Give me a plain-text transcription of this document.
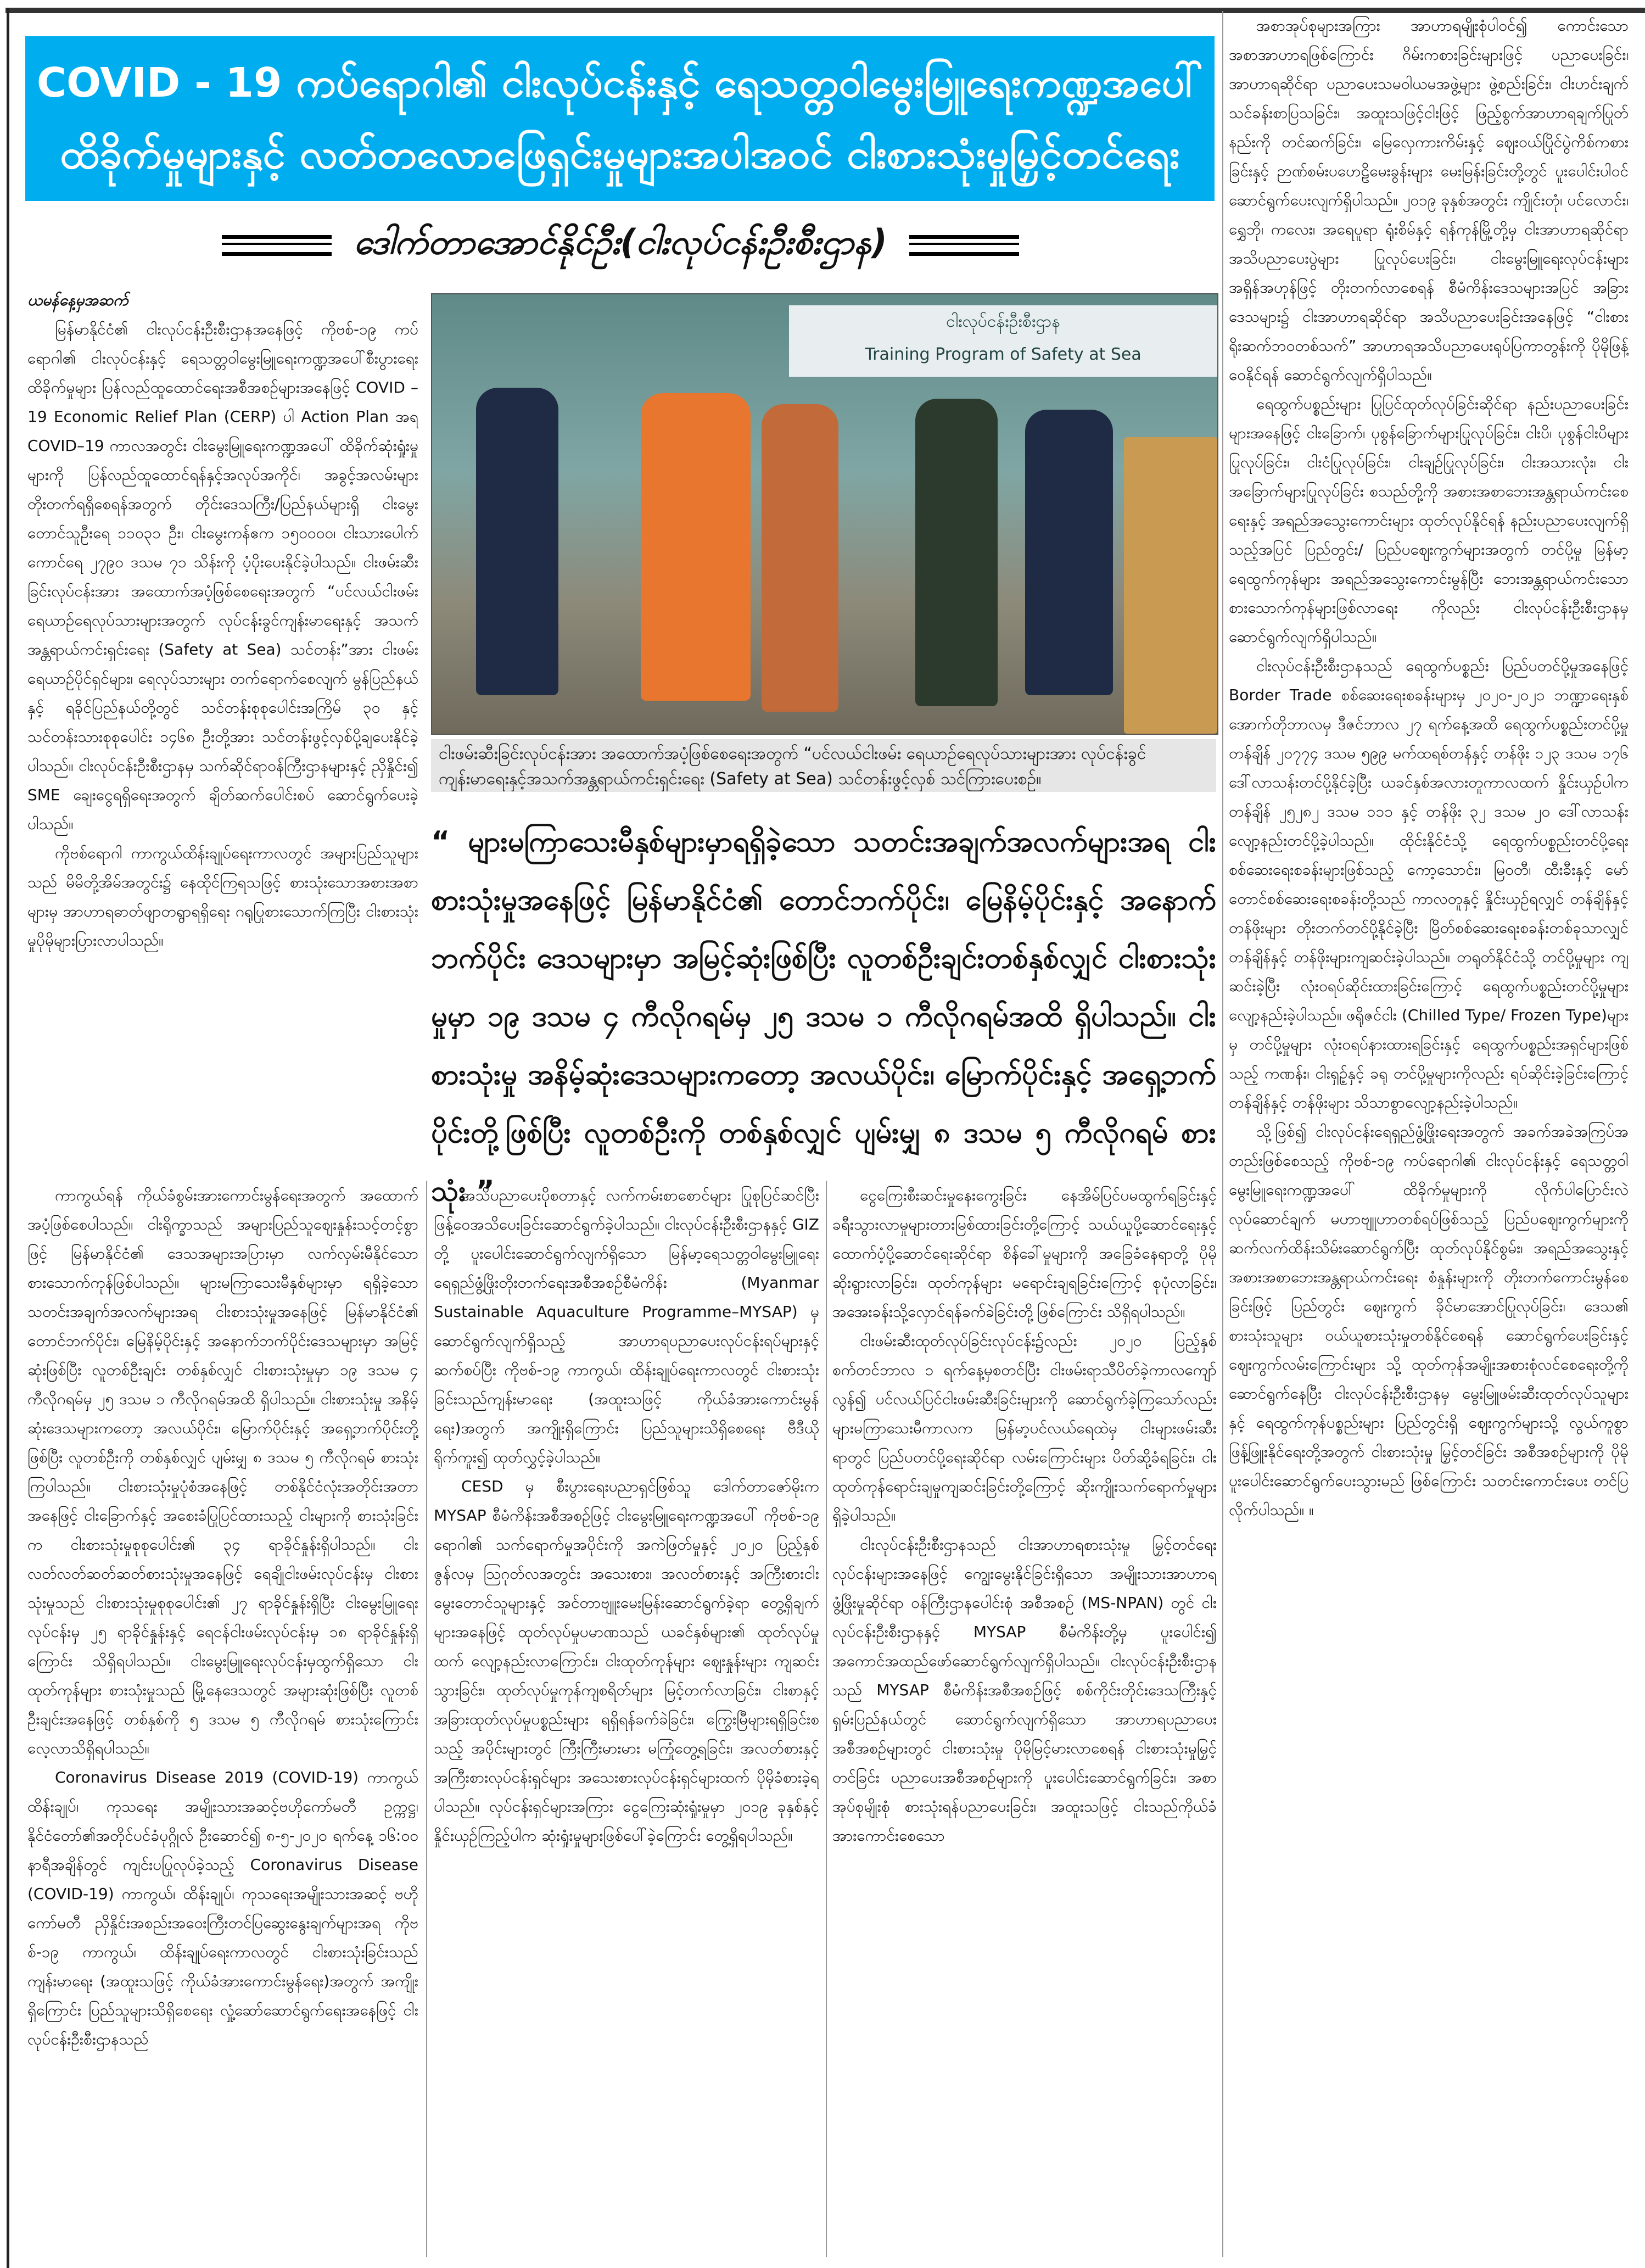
COVID - 19 ကပ်ရောဂါ၏ ငါးလုပ်ငန်းနှင့် ရေသတ္တဝါမွေးမြူရေးကဏ္ဍအပေါ်
ထိခိုက်မှုများနှင့် လတ်တလောဖြေရှင်းမှုများအပါအဝင် ငါးစားသုံးမှုမြှင့်တင်ရေး
ဒေါက်တာအောင်နိုင်ဦး(ငါးလုပ်ငန်းဦးစီးဌာန)

ယမန်နေ့မှအဆက်

မြန်မာနိုင်ငံ၏ ငါးလုပ်ငန်းဦးစီးဌာနအနေဖြင့် ကိုဗစ်-၁၉ ကပ်ရောဂါ၏ ငါးလုပ်ငန်းနှင့် ရေသတ္တဝါမွေးမြူရေးကဏ္ဍအပေါ်စီးပွားရေးထိခိုက်မှုများ ပြန်လည်ထူထောင်ရေးအစီအစဉ်များအနေဖြင့် COVID –19 Economic Relief Plan (CERP) ပါ Action Plan အရ COVID–19 ကာလအတွင်း ငါးမွေးမြူရေးကဏ္ဍအပေါ် ထိခိုက်ဆုံးရှုံးမှုများကို ပြန်လည်ထူထောင်ရန်နှင့်အလုပ်အကိုင်၊ အခွင့်အလမ်းများ တိုးတက်ရရှိစေရန်အတွက် တိုင်းဒေသကြီး/ပြည်နယ်များရှိ ငါးမွေးတောင်သူဦးရေ ၁၁၀၃၁ ဦး၊ ငါးမွေးကန်ဧက ၁၅၀၀၀၀၊ ငါးသားပေါက်ကောင်ရေ ၂၇၉၀ ဒသမ ၇၁ သိန်းကို ပံ့ပိုးပေးနိုင်ခဲ့ပါသည်။ ငါးဖမ်းဆီးခြင်းလုပ်ငန်းအား အထောက်အပံ့ဖြစ်စေရေးအတွက် “ပင်လယ်ငါးဖမ်းရေယာဉ်ရေလုပ်သားများအတွက် လုပ်ငန်းခွင်ကျန်းမာရေးနှင့် အသက်အန္တရာယ်ကင်းရှင်းရေး (Safety at Sea) သင်တန်း”အား ငါးဖမ်းရေယာဉ်ပိုင်ရှင်များ၊ ရေလုပ်သားများ တက်ရောက်စေလျက် မွန်ပြည်နယ်နှင့် ရခိုင်ပြည်နယ်တို့တွင် သင်တန်းစုစုပေါင်းအကြိမ် ၃၀ နှင့် သင်တန်းသားစုစုပေါင်း ၁၄၆၈ ဦးတို့အား သင်တန်းဖွင့်လှစ်ပို့ချပေးနိုင်ခဲ့ပါသည်။ ငါးလုပ်ငန်းဦးစီးဌာနမှ သက်ဆိုင်ရာဝန်ကြီးဌာနများနှင့် ညှိနှိုင်း၍ SME ချေးငွေရရှိရေးအတွက် ချိတ်ဆက်ပေါင်းစပ် ဆောင်ရွက်ပေးခဲ့ပါသည်။

ကိုဗစ်ရောဂါ ကာကွယ်ထိန်းချုပ်ရေးကာလတွင် အများပြည်သူများသည် မိမိတို့အိမ်အတွင်း၌ နေထိုင်ကြရသဖြင့် စားသုံးသောအစားအစာများမှ အာဟာရဓာတ်ဖျာတရွာရရှိရေး ဂရုပြုစားသောက်ကြပြီး ငါးစားသုံးမှုပိုမိုများပြားလာပါသည်။

ငါးလုပ်ငန်းဦးစီးဌာန
Training Program of Safety at Sea
ငါးဖမ်းဆီးခြင်းလုပ်ငန်းအား အထောက်အပံ့ဖြစ်စေရေးအတွက် “ပင်လယ်ငါးဖမ်း ရေယာဉ်ရေလုပ်သားများအား လုပ်ငန်းခွင်ကျန်းမာရေးနှင့်အသက်အန္တရာယ်ကင်းရှင်းရေး (Safety at Sea) သင်တန်းဖွင့်လှစ် သင်ကြားပေးစဉ်။
“ များမကြာသေးမီနှစ်များမှာရရှိခဲ့သော သတင်းအချက်အလက်များအရ ငါးစားသုံးမှုအနေဖြင့် မြန်မာနိုင်ငံ၏ တောင်ဘက်ပိုင်း၊ မြေနိမ့်ပိုင်းနှင့် အနောက်ဘက်ပိုင်း ဒေသများမှာ အမြင့်ဆုံးဖြစ်ပြီး လူတစ်ဦးချင်းတစ်နှစ်လျှင် ငါးစားသုံးမှုမှာ ၁၉ ဒသမ ၄ ကီလိုဂရမ်မှ ၂၅ ဒသမ ၁ ကီလိုဂရမ်အထိ ရှိပါသည်။ ငါးစားသုံးမှု အနိမ့်ဆုံးဒေသများကတော့ အလယ်ပိုင်း၊ မြောက်ပိုင်းနှင့် အရှေ့ဘက်ပိုင်းတို့ဖြစ်ပြီး လူတစ်ဦးကို တစ်နှစ်လျှင် ပျမ်းမျှ ၈ ဒသမ ၅ ကီလိုဂရမ် စားသုံး ”

ကာကွယ်ရန် ကိုယ်ခံစွမ်းအားကောင်းမွန်ရေးအတွက် အထောက်အပံ့ဖြစ်စေပါသည်။ ငါးရိုက္ခာသည် အများပြည်သူစျေးနှုန်းသင့်တင့်စွာဖြင့် မြန်မာနိုင်ငံ၏ ဒေသအများအပြားမှာ လက်လှမ်းမီနိုင်သော စားသောက်ကုန်ဖြစ်ပါသည်။ များမကြာသေးမီနှစ်များမှာ ရရှိခဲ့သော သတင်းအချက်အလက်များအရ ငါးစားသုံးမှုအနေဖြင့် မြန်မာနိုင်ငံ၏ တောင်ဘက်ပိုင်း၊ မြေနိမ့်ပိုင်းနှင့် အနောက်ဘက်ပိုင်းဒေသများမှာ အမြင့်ဆုံးဖြစ်ပြီး လူတစ်ဦးချင်း တစ်နှစ်လျှင် ငါးစားသုံးမှုမှာ ၁၉ ဒသမ ၄ ကီလိုဂရမ်မှ ၂၅ ဒသမ ၁ ကီလိုဂရမ်အထိ ရှိပါသည်။ ငါးစားသုံးမှု အနိမ့်ဆုံးဒေသများကတော့ အလယ်ပိုင်း၊ မြောက်ပိုင်းနှင့် အရှေ့ဘက်ပိုင်းတို့ဖြစ်ပြီး လူတစ်ဦးကို တစ်နှစ်လျှင် ပျမ်းမျှ ၈ ဒသမ ၅ ကီလိုဂရမ် စားသုံးကြပါသည်။ ငါးစားသုံးမှုပုံစံအနေဖြင့် တစ်နိုင်ငံလုံးအတိုင်းအတာအနေဖြင့် ငါးခြောက်နှင့် အစေးခံပြုပြင်ထားသည့် ငါးများကို စားသုံးခြင်းက ငါးစားသုံးမှုစုစုပေါင်း၏ ၃၄ ရာခိုင်နှုန်းရှိပါသည်။ ငါးလတ်လတ်ဆတ်ဆတ်စားသုံးမှုအနေဖြင့် ရေချိုငါးဖမ်းလုပ်ငန်းမှ ငါးစားသုံးမှုသည် ငါးစားသုံးမှုစုစုပေါင်း၏ ၂၇ ရာခိုင်နှုန်းရှိပြီး ငါးမွေးမြူရေးလုပ်ငန်းမှ ၂၅ ရာခိုင်နှုန်းနှင့် ရေငန်ငါးဖမ်းလုပ်ငန်းမှ ၁၈ ရာခိုင်နှုန်းရှိကြောင်း သိရှိရပါသည်။ ငါးမွေးမြူရေးလုပ်ငန်းမှထွက်ရှိသော ငါးထုတ်ကုန်များ စားသုံးမှုသည် မြို့နေဒေသတွင် အများဆုံးဖြစ်ပြီး လူတစ်ဦးချင်းအနေဖြင့် တစ်နှစ်ကို ၅ ဒသမ ၅ ကီလိုဂရမ် စားသုံးကြောင်း လေ့လာသိရှိရပါသည်။

Coronavirus Disease 2019 (COVID-19) ကာကွယ်ထိန်းချုပ်၊ ကုသရေး အမျိုးသားအဆင့်ဗဟိုကော်မတီ ဥက္ကဋ္ဌ၊ နိုင်ငံတော်၏အတိုင်ပင်ခံပုဂ္ဂိုလ် ဦးဆောင်၍ ၈-၅-၂၀၂၀ ရက်နေ့ ၁၆:၀၀ နာရီအချိန်တွင် ကျင်းပပြုလုပ်ခဲ့သည့် Coronavirus Disease (COVID-19) ကာကွယ်၊ ထိန်းချုပ်၊ ကုသရေးအမျိုးသားအဆင့် ဗဟိုကော်မတီ ညှိနှိုင်းအစည်းအဝေးကြီးတင်ပြဆွေးနွေးချက်များအရ ကိုဗစ်-၁၉ ကာကွယ်၊ ထိန်းချုပ်ရေးကာလတွင် ငါးစားသုံးခြင်းသည် ကျန်းမာရေး (အထူးသဖြင့် ကိုယ်ခံအားကောင်းမွန်ရေး)အတွက် အကျိုးရှိကြောင်း ပြည်သူများသိရှိစေရေး လှုံ့ဆော်ဆောင်ရွက်ရေးအနေဖြင့် ငါးလုပ်ငန်းဦးစီးဌာနသည်

အသိပညာပေးပိုစတာနှင့် လက်ကမ်းစာစောင်များ ပြုစုပြင်ဆင်ပြီး ဖြန့်ဝေအသိပေးခြင်းဆောင်ရွက်ခဲ့ပါသည်။ ငါးလုပ်ငန်းဦးစီးဌာနနှင့် GIZ တို့ ပူးပေါင်းဆောင်ရွက်လျက်ရှိသော မြန်မာ့ရေသတ္တဝါမွေးမြူရေး ရေရှည်ဖွံ့ဖြိုးတိုးတက်ရေးအစီအစဉ်စီမံကိန်း (Myanmar Sustainable Aquaculture Programme–MYSAP) မှ ဆောင်ရွက်လျက်ရှိသည့် အာဟာရပညာပေးလုပ်ငန်းရပ်များနှင့် ဆက်စပ်ပြီး ကိုဗစ်-၁၉ ကာကွယ်၊ ထိန်းချုပ်ရေးကာလတွင် ငါးစားသုံးခြင်းသည်ကျန်းမာရေး (အထူးသဖြင့် ကိုယ်ခံအားကောင်းမွန်ရေး)အတွက် အကျိုးရှိကြောင်း ပြည်သူများသိရှိစေရေး ဗီဒီယိုရိုက်ကူး၍ ထုတ်လွှင့်ခဲ့ပါသည်။

CESD မှ စီးပွားရေးပညာရှင်ဖြစ်သူ ဒေါက်တာဇော်မိုးက MYSAP စီမံကိန်းအစီအစဉ်ဖြင့် ငါးမွေးမြူရေးကဏ္ဍအပေါ် ကိုဗစ်-၁၉ ရောဂါ၏ သက်ရောက်မှုအပိုင်းကို အကဲဖြတ်မှုနှင့် ၂၀၂၀ ပြည့်နှစ် ဇွန်လမှ ဩဂုတ်လအတွင်း အသေးစား၊ အလတ်စားနှင့် အကြီးစားငါးမွေးတောင်သူများနှင့် အင်တာဗျူးမေးမြန်းဆောင်ရွက်ခဲ့ရာ တွေ့ရှိချက်များအနေဖြင့် ထုတ်လုပ်မှုပမာဏသည် ယခင်နှစ်များ၏ ထုတ်လုပ်မှုထက် လျော့နည်းလာကြောင်း၊ ငါးထုတ်ကုန်များ ဈေးနှုန်းများ ကျဆင်းသွားခြင်း၊ ထုတ်လုပ်မှုကုန်ကျစရိတ်များ မြင့်တက်လာခြင်း၊ ငါးစာနှင့်အခြားထုတ်လုပ်မှုပစ္စည်းများ ရရှိရန်ခက်ခဲခြင်း၊ ကြွေးမြီများရရှိခြင်းစသည့် အပိုင်းများတွင် ကြီးကြီးမားမား မကြုံတွေ့ရခြင်း၊ အလတ်စားနှင့်အကြီးစားလုပ်ငန်းရှင်များ အသေးစားလုပ်ငန်းရှင်များထက် ပိုမိုခံစားခဲ့ရပါသည်။ လုပ်ငန်းရှင်များအကြား ငွေကြေးဆုံးရှုံးမှုမှာ ၂၀၁၉ ခုနှစ်နှင့် နှိုင်းယှဉ်ကြည့်ပါက ဆုံးရှုံးမှုများဖြစ်ပေါ်ခဲ့ကြောင်း တွေ့ရှိရပါသည်။

ငွေကြေးစီးဆင်းမှုနေးကွေးခြင်း နေအိမ်ပြင်ပမထွက်ရခြင်းနှင့် ခရီးသွားလာမှုများတားမြစ်ထားခြင်းတို့ကြောင့် သယ်ယူပို့ဆောင်ရေးနှင့် ထောက်ပံ့ပို့ဆောင်ရေးဆိုင်ရာ စိန်ခေါ်မှုများကို အခြေခံနေရာတို့ ပိုမိုဆိုးရွားလာခြင်း၊ ထုတ်ကုန်များ မရောင်းချရခြင်းကြောင့် စုပုံလာခြင်း၊ အအေးခန်းသို့လှောင်ရန်ခက်ခဲခြင်းတို့ဖြစ်ကြောင်း သိရှိရပါသည်။

ငါးဖမ်းဆီးထုတ်လုပ်ခြင်းလုပ်ငန်း၌လည်း ၂၀၂၀ ပြည့်နှစ် စက်တင်ဘာလ ၁ ရက်နေ့မှစတင်ပြီး ငါးဖမ်းရာသီပိတ်ခဲ့ကာလကျော်လွန်၍ ပင်လယ်ပြင်ငါးဖမ်းဆီးခြင်းများကို ဆောင်ရွက်ခဲ့ကြသော်လည်း များမကြာသေးမီကာလက မြန်မာ့ပင်လယ်ရေထဲမှ ငါးများဖမ်းဆီးရာတွင် ပြည်ပတင်ပို့ရေးဆိုင်ရာ လမ်းကြောင်းများ ပိတ်ဆို့ခံရခြင်း၊ ငါးထုတ်ကုန်ရောင်းချမှုကျဆင်းခြင်းတို့ကြောင့် ဆိုးကျိုးသက်ရောက်မှုများ ရှိခဲ့ပါသည်။

ငါးလုပ်ငန်းဦးစီးဌာနသည် ငါးအာဟာရစားသုံးမှု မြှင့်တင်ရေးလုပ်ငန်းများအနေဖြင့် ကျွေးမွေးနိုင်ခြင်းရှိသော အမျိုးသားအာဟာရဖွံ့ဖြိုးမှုဆိုင်ရာ ဝန်ကြီးဌာနပေါင်းစုံ အစီအစဉ် (MS-NPAN) တွင် ငါးလုပ်ငန်းဦးစီးဌာနနှင့် MYSAP စီမံကိန်းတို့မှ ပူးပေါင်း၍ အကောင်အထည်ဖော်ဆောင်ရွက်လျက်ရှိပါသည်။ ငါးလုပ်ငန်းဦးစီးဌာနသည် MYSAP စီမံကိန်းအစီအစဉ်ဖြင့် စစ်ကိုင်းတိုင်းဒေသကြီးနှင့် ရှမ်းပြည်နယ်တွင် ဆောင်ရွက်လျက်ရှိသော အာဟာရပညာပေးအစီအစဉ်များတွင် ငါးစားသုံးမှု ပိုမိုမြင့်မားလာစေရန် ငါးစားသုံးမှုမြှင့်တင်ခြင်း ပညာပေးအစီအစဉ်များကို ပူးပေါင်းဆောင်ရွက်ခြင်း၊ အစာအုပ်စုမျိုးစုံ စားသုံးရန်ပညာပေးခြင်း၊ အထူးသဖြင့် ငါးသည်ကိုယ်ခံအားကောင်းစေသော

အစာအုပ်စုများအကြား အာဟာရမျိုးစုံပါဝင်၍ ကောင်းသောအစာအာဟာရဖြစ်ကြောင်း ဂိမ်းကစားခြင်းများဖြင့် ပညာပေးခြင်း၊ အာဟာရဆိုင်ရာ ပညာပေးသမဝါယမအဖွဲ့များ ဖွဲ့စည်းခြင်း၊ ငါးဟင်းချက်သင်ခန်းစာပြသခြင်း၊ အထူးသဖြင့်ငါးဖြင့် ဖြည့်စွက်အာဟာရချက်ပြုတ်နည်းကို တင်ဆက်ခြင်း၊ မြေလှေကားကိမ်းနှင့် ဈေးဝယ်ပြိုင်ပွဲကိစ်ကစားခြင်းနှင့် ဉာဏ်စမ်းပဟေဠိမေးခွန်းများ မေးမြန်းခြင်းတို့တွင် ပူးပေါင်းပါဝင် ဆောင်ရွက်ပေးလျက်ရှိပါသည်။ ၂၀၁၉ ခုနှစ်အတွင်း ကျိုင်းတုံ၊ ပင်လောင်း၊ ရွှေဘို၊ ကလေး၊ အရေပူရာ ရုံးစိမ်နှင့် ရန်ကုန်မြို့တို့မှ ငါးအာဟာရဆိုင်ရာ အသိပညာပေးပွဲများ ပြုလုပ်ပေးခြင်း၊ ငါးမွေးမြူရေးလုပ်ငန်းများ အရှိန်အဟုန်ဖြင့် တိုးတက်လာစေရန် စီမံကိန်းဒေသများအပြင် အခြားဒေသများ၌ ငါးအာဟာရဆိုင်ရာ အသိပညာပေးခြင်းအနေဖြင့် “ငါးစားရိုးဆက်ဘဝတစ်သက်” အာဟာရအသိပညာပေးရုပ်ပြကာတွန်းကို ပိုမိုဖြန့်ဝေနိုင်ရန် ဆောင်ရွက်လျက်ရှိပါသည်။

ရေထွက်ပစ္စည်းများ ပြုပြင်ထုတ်လုပ်ခြင်းဆိုင်ရာ နည်းပညာပေးခြင်းများအနေဖြင့် ငါးခြောက်၊ ပုစွန်ခြောက်များပြုလုပ်ခြင်း၊ ငါးပိ၊ ပုစွန်ငါးပိများပြုလုပ်ခြင်း၊ ငါးငံပြုလုပ်ခြင်း၊ ငါးချဉ်ပြုလုပ်ခြင်း၊ ငါးအသားလုံး၊ ငါးအခြောက်များပြုလုပ်ခြင်း စသည်တို့ကို အစားအစာဘေးအန္တရာယ်ကင်းစေရေးနှင့် အရည်အသွေးကောင်းများ ထုတ်လုပ်နိုင်ရန် နည်းပညာပေးလျက်ရှိသည့်အပြင် ပြည်တွင်း/ ပြည်ပဈေးကွက်များအတွက် တင်ပို့မှု မြန်မာ့ရေထွက်ကုန်များ အရည်အသွေးကောင်းမွန်ပြီး ဘေးအန္တရာယ်ကင်းသော စားသောက်ကုန်များဖြစ်လာရေး ကိုလည်း ငါးလုပ်ငန်းဦးစီးဌာနမှ ဆောင်ရွက်လျက်ရှိပါသည်။

ငါးလုပ်ငန်းဦးစီးဌာနသည် ရေထွက်ပစ္စည်း ပြည်ပတင်ပို့မှုအနေဖြင့် Border Trade စစ်ဆေးရေးစခန်းများမှ ၂၀၂၀-၂၀၂၁ ဘဏ္ဍာရေးနှစ် အောက်တိုဘာလမှ ဒီဇင်ဘာလ ၂၇ ရက်နေ့အထိ ရေထွက်ပစ္စည်းတင်ပို့မှု တန်ချိန် ၂၀၇၇၄ ဒသမ ၅၉၉ မက်ထရစ်တန်နှင့် တန်ဖိုး ၁၂၃ ဒသမ ၁၇၆ ဒေါ်လာသန်းတင်ပို့နိုင်ခဲ့ပြီး ယခင်နှစ်အလားတူကာလထက် နှိုင်းယှဉ်ပါက တန်ချိန် ၂၅၂၈၂ ဒသမ ၁၁၁ နှင့် တန်ဖိုး ၃၂ ဒသမ ၂၀ ဒေါ်လာသန်း လျော့နည်းတင်ပို့ခဲ့ပါသည်။ ထိုင်းနိုင်ငံသို့ ရေထွက်ပစ္စည်းတင်ပို့ရေး စစ်ဆေးရေးစခန်းများဖြစ်သည့် ကော့သောင်း၊ မြဝတီ၊ ထီးခီးနှင့် မော်တောင်စစ်ဆေးရေးစခန်းတို့သည် ကာလတူနှင့် နှိုင်းယှဉ်ရလျှင် တန်ချိန်နှင့်တန်ဖိုးများ တိုးတက်တင်ပို့နိုင်ခဲ့ပြီး မြိတ်စစ်ဆေးရေးစခန်းတစ်ခုသာလျှင် တန်ချိန်နှင့် တန်ဖိုးများကျဆင်းခဲ့ပါသည်။ တရုတ်နိုင်ငံသို့ တင်ပို့မှုများ ကျဆင်းခဲ့ပြီး လုံးဝရပ်ဆိုင်းထားခြင်းကြောင့် ရေထွက်ပစ္စည်းတင်ပို့မှုများ လျော့နည်းခဲ့ပါသည်။ ဖရိုဇင်ငါး (Chilled Type/ Frozen Type)များမှ တင်ပို့မှုများ လုံးဝရပ်နားထားရခြင်းနှင့် ရေထွက်ပစ္စည်းအရှင်များဖြစ်သည့် ကဏန်း၊ ငါးရှဉ့်နှင့် ခရု တင်ပို့မှုများကိုလည်း ရပ်ဆိုင်းခဲ့ခြင်းကြောင့် တန်ချိန်နှင့် တန်ဖိုးများ သိသာစွာလျော့နည်းခဲ့ပါသည်။

သို့ဖြစ်၍ ငါးလုပ်ငန်းရေရှည်ဖွံ့ဖြိုးရေးအတွက် အခက်အခဲအကြပ်အတည်းဖြစ်စေသည့် ကိုဗစ်-၁၉ ကပ်ရောဂါ၏ ငါးလုပ်ငန်းနှင့် ရေသတ္တဝါမွေးမြူရေးကဏ္ဍအပေါ် ထိခိုက်မှုများကို လိုက်ပါပြောင်းလဲ လုပ်ဆောင်ချက် မဟာဗျူဟာတစ်ရပ်ဖြစ်သည့် ပြည်ပဈေးကွက်များကို ဆက်လက်ထိန်းသိမ်းဆောင်ရွက်ပြီး ထုတ်လုပ်နိုင်စွမ်း၊ အရည်အသွေးနှင့် အစားအစာဘေးအန္တရာယ်ကင်းရေး စံနှုန်းများကို တိုးတက်ကောင်းမွန်စေခြင်းဖြင့် ပြည်တွင်း ဈေးကွက် ခိုင်မာအောင်ပြုလုပ်ခြင်း၊ ဒေသ၏ စားသုံးသူများ ဝယ်ယူစားသုံးမှုတစ်နိုင်စေရန် ဆောင်ရွက်ပေးခြင်းနှင့် ဈေးကွက်လမ်းကြောင်းများ သို့ ထုတ်ကုန်အမျိုးအစားစုံလင်စေရေးတို့ကို ဆောင်ရွက်နေပြီး ငါးလုပ်ငန်းဦးစီးဌာနမှ မွေးမြူဖမ်းဆီးထုတ်လုပ်သူများနှင့် ရေထွက်ကုန်ပစ္စည်းများ ပြည်တွင်းရှိ ဈေးကွက်များသို့ လွယ်ကူစွာဖြန့်ဖြူးနိုင်ရေးတို့အတွက် ငါးစားသုံးမှု မြှင့်တင်ခြင်း အစီအစဉ်များကို ပိုမိုပူးပေါင်းဆောင်ရွက်ပေးသွားမည် ဖြစ်ကြောင်း သတင်းကောင်းပေး တင်ပြလိုက်ပါသည်။ ။
